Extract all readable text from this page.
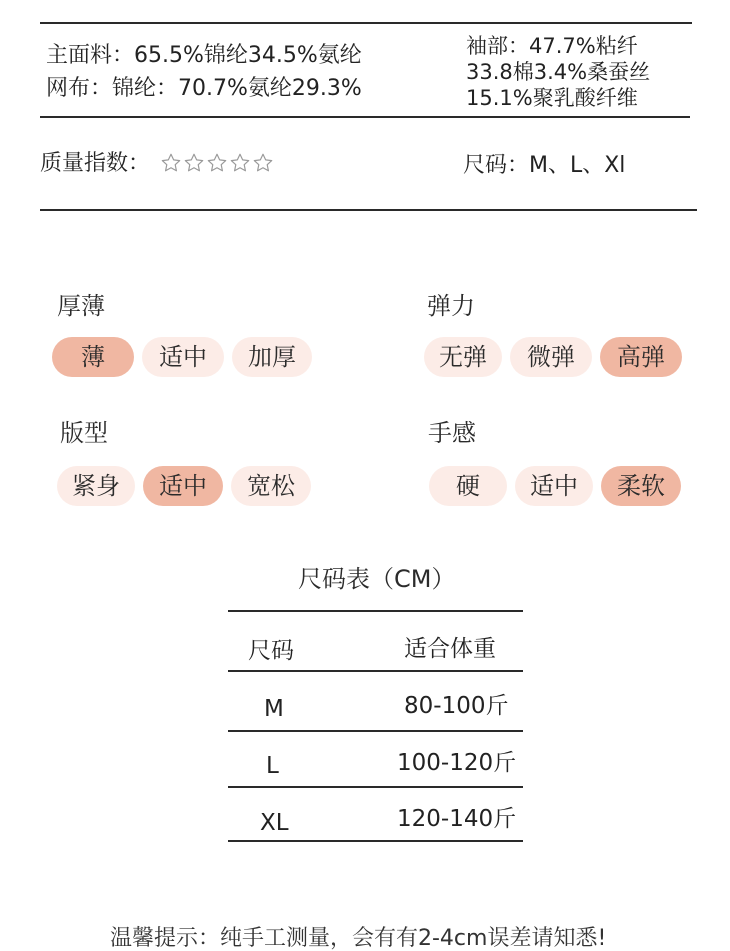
主面料：65.5%锦纶34.5%氨纶
网布：锦纶：70.7%氨纶29.3%
袖部：47.7%粘纤
33.8棉3.4%桑蚕丝
15.1%聚乳酸纤维
质量指数：	尺码：M、L、Xl
厚薄
薄	适中	加厚
弹力
无弹	微弹	高弹
版型
紧身	适中	宽松
手感
硬	适中	柔软
尺码表（CM）
尺码	适合体重
M	80-100斤
L	100-120斤
XL	120-140斤
温馨提示：纯手工测量，会有有2-4cm误差请知悉!
